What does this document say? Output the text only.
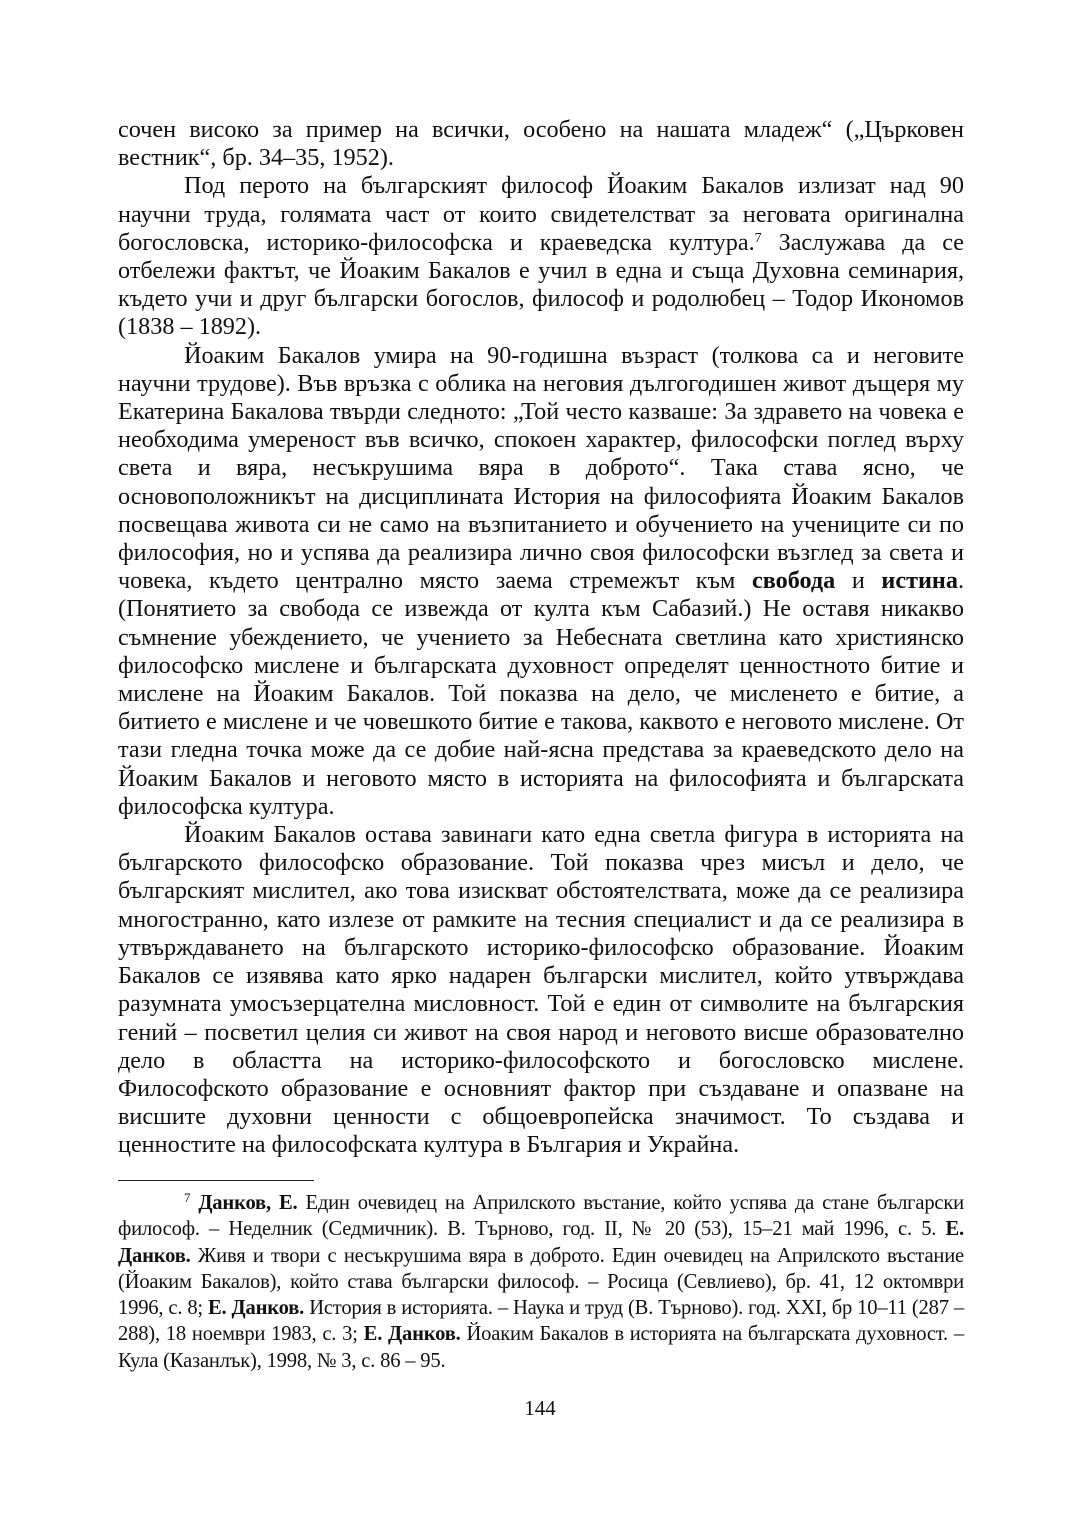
сочен високо за пример на всички, особено на нашата младеж“ („Църковен вестник“, бр. 34–35, 1952).

Под перото на българският философ Йоаким Бакалов излизат над 90 научни труда, голямата част от които свидетелстват за неговата оригинална богословска, историко-философска и краеведска култура.$^7$ Заслужава да се отбележи фактът, че Йоаким Бакалов е учил в една и съща Духовна семинария, където учи и друг български богослов, философ и родолюбец – Тодор Икономов (1838 – 1892).

Йоаким Бакалов умира на 90-годишна възраст (толкова са и неговите научни трудове). Във връзка с облика на неговия дългогодишен живот дъщеря му Екатерина Бакалова твърди следното: „Той често казваше: За здравето на човека е необходима умереност във всичко, спокоен характер, философски поглед върху света и вяра, несъкрушима вяра в доброто“. Така става ясно, че основоположникът на дисциплината История на философията Йоаким Бакалов посвещава живота си не само на възпитанието и обучението на учениците си по философия, но и успява да реализира лично своя философски възглед за света и човека, където централно място заема стремежът към свобода и истина. (Понятието за свобода се извежда от култа към Сабазий.) Не оставя никакво съмнение убеждението, че учението за Небесната светлина като християнско философско мислене и българската духовност определят ценностното битие и мислене на Йоаким Бакалов. Той показва на дело, че мисленето е битие, а битието е мислене и че човешкото битие е такова, каквото е неговото мислене. От тази гледна точка може да се добие най-ясна представа за краеведското дело на Йоаким Бакалов и неговото място в историята на философията и българската философска култура.

Йоаким Бакалов остава завинаги като една светла фигура в историята на българското философско образование. Той показва чрез мисъл и дело, че българският мислител, ако това изискват обстоятелствата, може да се реализира многостранно, като излезе от рамките на тесния специалист и да се реализира в утвърждаването на българското историко-философско образование. Йоаким Бакалов се изявява като ярко надарен български мислител, който утвърждава разумната умосъзерцателна мисловност. Той е един от символите на българския гений – посветил целия си живот на своя народ и неговото висше образователно дело в областта на историко-философското и богословско мислене. Философското образование е основният фактор при създаване и опазване на висшите духовни ценности с общоевропейска значимост. То създава и ценностите на философската култура в България и Украйна.

$^7$ Данков, Е. Един очевидец на Априлското въстание, който успява да стане български философ. – Неделник (Седмичник). В. Търново, год. II, № 20 (53), 15–21 май 1996, с. 5. Е. Данков. Живя и твори с несъкрушима вяра в доброто. Един очевидец на Априлското въстание (Йоаким Бакалов), който става български философ. – Росица (Севлиево), бр. 41, 12 октомври 1996, с. 8; Е. Данков. История в историята. – Наука и труд (В. Търново). год. XXI, бр 10–11 (287 – 288), 18 ноември 1983, с. 3; Е. Данков. Йоаким Бакалов в историята на българската духовност. – Кула (Казанлък), 1998, № 3, с. 86 – 95.

144
